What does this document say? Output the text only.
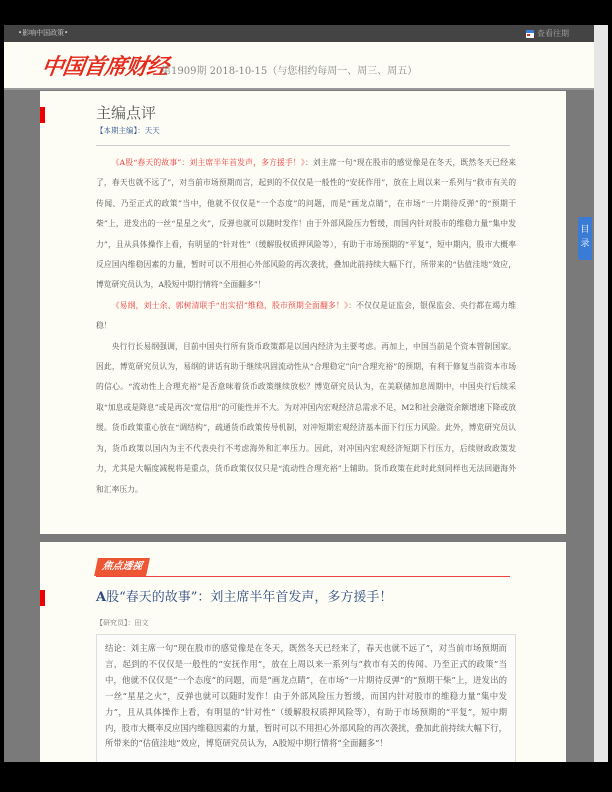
•影响中国政策•	查看往期
中国首席财经
第1909期 2018-10-15（与您相约每周一、周三、周五）
主编点评
【本期主编】：天天

《A股“春天的故事”：刘主席半年首发声，多方援手！》：刘主席一句“现在股市的感觉像是在冬天，既然冬天已经来了，春天也就不远了”，对当前市场预期而言，起到的不仅仅是一般性的“安抚作用”，放在上周以来一系列与“救市有关的传闻、乃至正式的政策”当中，他就不仅仅是“一个态度”的问题，而是“画龙点睛”，在市场“一片期待反弹”的“预期干柴”上，迸发出的一丝“星星之火”，反弹也就可以随时发作！由于外部风险压力暂缓，而国内针对股市的维稳力量“集中发力”，且从具体操作上看，有明显的“针对性”（缓解股权质押风险等），有助于市场预期的“平复”，短中期内，股市大概率反应国内维稳因素的力量，暂时可以不用担心外部风险的再次袭扰，叠加此前持续大幅下行，所带来的“估值洼地”效应，博览研究员认为，A股短中期行情将“全面翻多”！

《易纲，刘士余、郭树清联手“出实招”维稳，股市预期全面翻多！》：不仅仅是证监会，银保监会、央行都在竭力维稳！

央行行长易纲强调，目前中国央行所有货币政策都是以国内经济为主要考虑。再加上，中国当前是个资本管制国家。因此，博览研究员认为，易纲的讲话有助于继续巩固流动性从“合理稳定”向“合理充裕”的预期，有利于修复当前资本市场的信心。“流动性上合理充裕”是否意味着货币政策继续放松？博览研究员认为，在美联储加息周期中，中国央行后续采取“加息或是降息”或是再次“宽信用”的可能性并不大。为对冲国内宏观经济总需求不足，M2和社会融资余额增速下降或放缓。货币政策重心放在“调结构”，疏通货币政策传导机制，对冲短期宏观经济基本面下行压力风险。此外，博览研究员认为，货币政策以国内为主不代表央行不考虑海外和汇率压力。因此，对冲国内宏观经济短期下行压力，后续财政政策发力，尤其是大幅度减税将是重点，货币政策仅仅只是“流动性合理充裕”上辅助。货币政策在此时此刻同样也无法回避海外和汇率压力。

焦点透视
A股“春天的故事”：刘主席半年首发声，多方援手！
【研究员】：田文
结论：刘主席一句“现在股市的感觉像是在冬天，既然冬天已经来了，春天也就不远了”，对当前市场预期而言，起到的不仅仅是一般性的“安抚作用”，放在上周以来一系列与“救市有关的传闻、乃至正式的政策”当中，他就不仅仅是“一个态度”的问题，而是“画龙点睛”，在市场“一片期待反弹”的“预期干柴”上，迸发出的一丝“星星之火”，反弹也就可以随时发作！由于外部风险压力暂缓，而国内针对股市的维稳力量“集中发力”，且从具体操作上看，有明显的“针对性”（缓解股权质押风险等），有助于市场预期的“平复”，短中期内，股市大概率反应国内维稳因素的力量，暂时可以不用担心外部风险的再次袭扰，叠加此前持续大幅下行，所带来的“估值洼地”效应，博览研究员认为，A股短中期行情将“全面翻多”！
目录
